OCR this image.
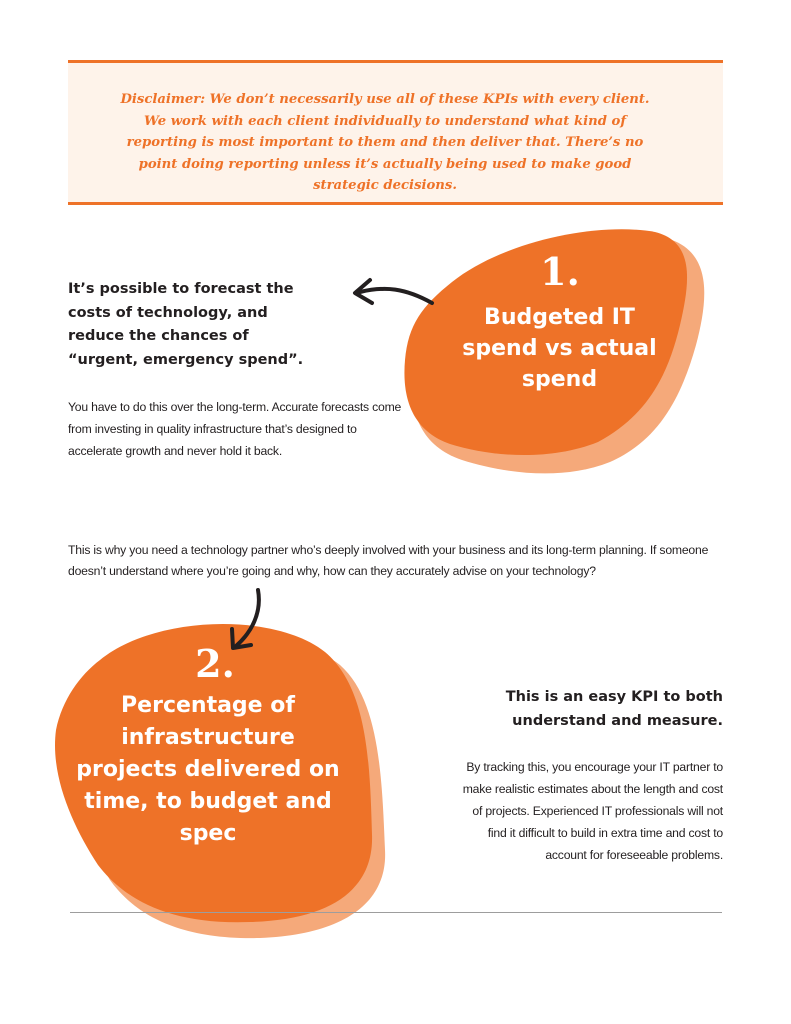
Disclaimer: We don’t necessarily use all of these KPIs with every client. We work with each client individually to understand what kind of reporting is most important to them and then deliver that. There’s no point doing reporting unless it’s actually being used to make good strategic decisions.
1.
Budgeted IT spend vs actual spend
It’s possible to forecast the costs of technology, and reduce the chances of “urgent, emergency spend”.
You have to do this over the long-term. Accurate forecasts come from investing in quality infrastructure that’s designed to accelerate growth and never hold it back.
This is why you need a technology partner who’s deeply involved with your business and its long-term planning. If someone doesn’t understand where you’re going and why, how can they accurately advise on your technology?
2.
Percentage of infrastructure projects delivered on time, to budget and spec
This is an easy KPI to both understand and measure.
By tracking this, you encourage your IT partner to make realistic estimates about the length and cost of projects. Experienced IT professionals will not find it difficult to build in extra time and cost to account for foreseeable problems.
